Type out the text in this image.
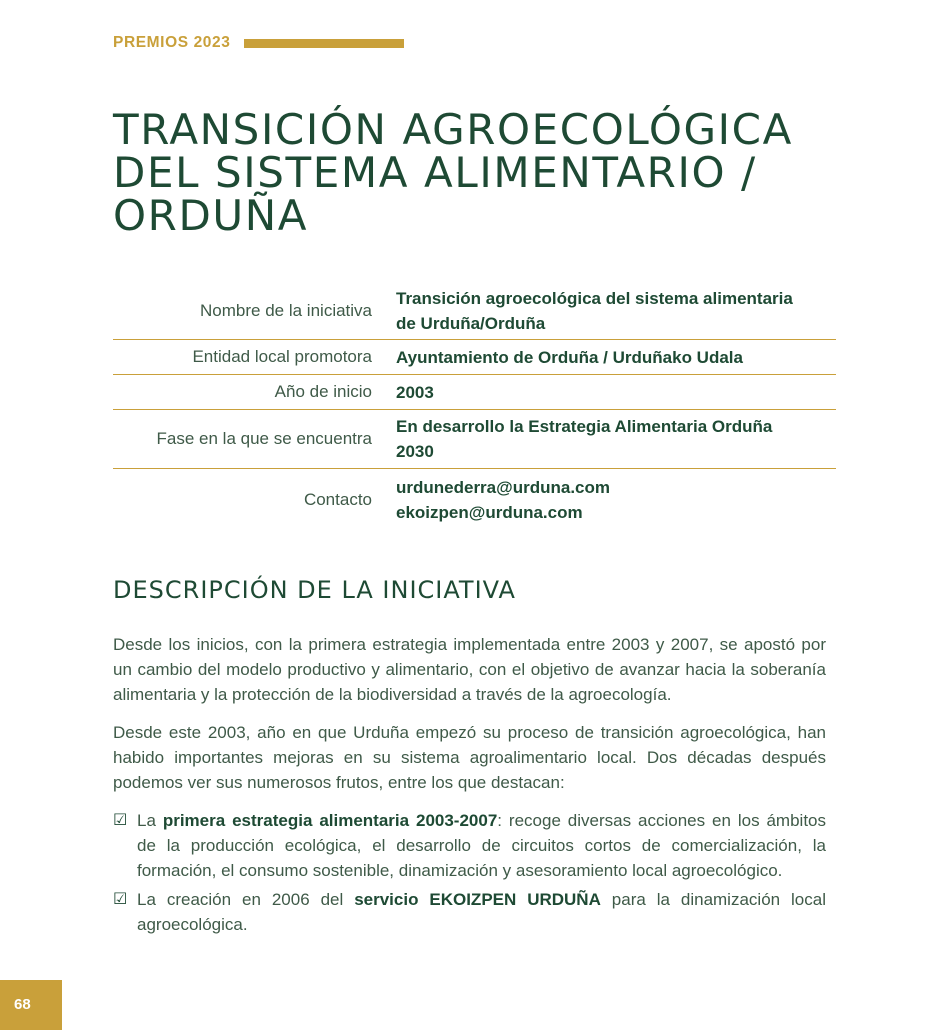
PREMIOS 2023
TRANSICIÓN AGROECOLÓGICA DEL SISTEMA ALIMENTARIO / ORDUÑA
Nombre de la iniciativa
Transición agroecológica del sistema alimentaria
de Urduña/Orduña
Entidad local promotora	Ayuntamiento de Orduña / Urduñako Udala
Año de inicio	2003
Fase en la que se encuentra
En desarrollo la Estrategia Alimentaria Orduña
2030
Contacto
urdunederra@urduna.com
ekoizpen@urduna.com
DESCRIPCIÓN DE LA INICIATIVA

Desde los inicios, con la primera estrategia implementada entre 2003 y 2007, se apostó por un cambio del modelo productivo y alimentario, con el objetivo de avanzar hacia la soberanía alimentaria y la protección de la biodiversidad a través de la agroecología.

Desde este 2003, año en que Urduña empezó su proceso de transición agroecológica, han habido importantes mejoras en su sistema agroalimentario local. Dos décadas después podemos ver sus numerosos frutos, entre los que destacan:

☑ La primera estrategia alimentaria 2003-2007: recoge diversas acciones en los ámbitos de la producción ecológica, el desarrollo de circuitos cortos de comercialización, la formación, el consumo sostenible, dinamización y asesoramiento local agroecológico.
☑ La creación en 2006 del servicio EKOIZPEN URDUÑA para la dinamización local agroecológica.
68
